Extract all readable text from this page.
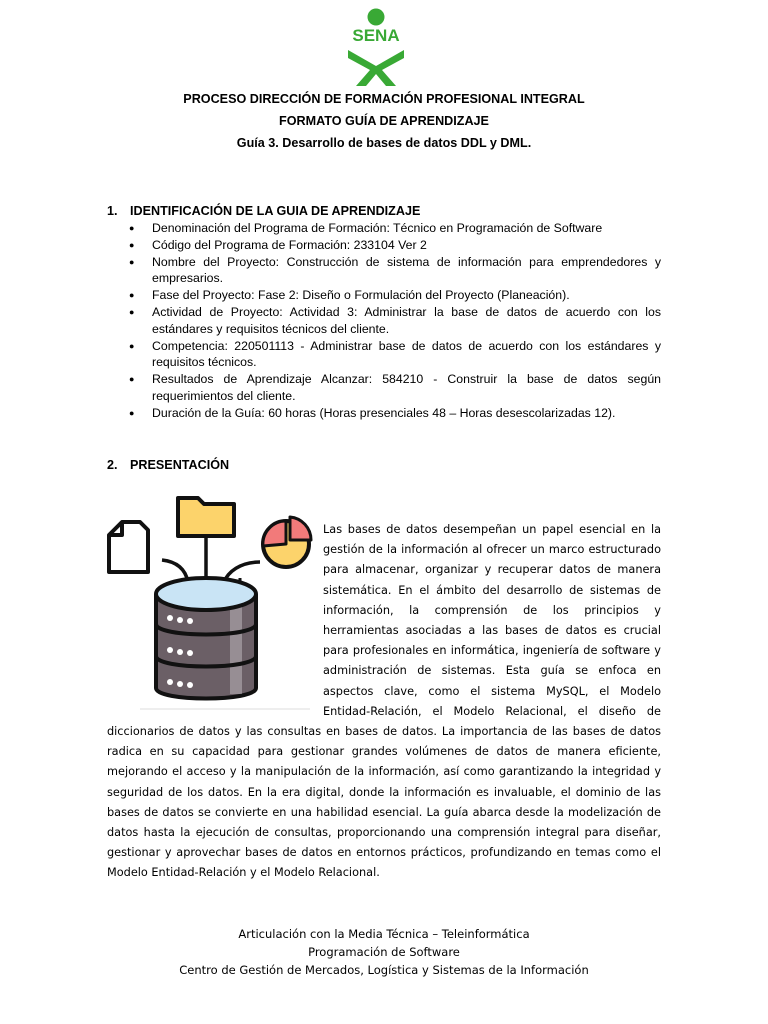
SENA
PROCESO DIRECCIÓN DE FORMACIÓN PROFESIONAL INTEGRAL
FORMATO GUÍA DE APRENDIZAJE
Guía 3. Desarrollo de bases de datos DDL y DML.
1. IDENTIFICACIÓN DE LA GUIA DE APRENDIZAJE
● Denominación del Programa de Formación: Técnico en Programación de Software
● Código del Programa de Formación: 233104 Ver 2
● Nombre del Proyecto: Construcción de sistema de información para emprendedores y empresarios.
● Fase del Proyecto: Fase 2: Diseño o Formulación del Proyecto (Planeación).
● Actividad de Proyecto: Actividad 3: Administrar la base de datos de acuerdo con los estándares y requisitos técnicos del cliente.
● Competencia: 220501113 - Administrar base de datos de acuerdo con los estándares y requisitos técnicos.
● Resultados de Aprendizaje Alcanzar: 584210 - Construir la base de datos según requerimientos del cliente.
● Duración de la Guía: 60 horas (Horas presenciales 48 – Horas desescolarizadas 12).
2. PRESENTACIÓN
Las bases de datos desempeñan un papel esencial en la gestión de la información al ofrecer un marco estructurado para almacenar, organizar y recuperar datos de manera sistemática. En el ámbito del desarrollo de sistemas de información, la comprensión de los principios y herramientas asociadas a las bases de datos es crucial para profesionales en informática, ingeniería de software y administración de sistemas. Esta guía se enfoca en aspectos clave, como el sistema MySQL, el Modelo Entidad-Relación, el Modelo Relacional, el diseño de diccionarios de datos y las consultas en bases de datos. La importancia de las bases de datos radica en su capacidad para gestionar grandes volúmenes de datos de manera eficiente, mejorando el acceso y la manipulación de la información, así como garantizando la integridad y seguridad de los datos. En la era digital, donde la información es invaluable, el dominio de las bases de datos se convierte en una habilidad esencial. La guía abarca desde la modelización de datos hasta la ejecución de consultas, proporcionando una comprensión integral para diseñar, gestionar y aprovechar bases de datos en entornos prácticos, profundizando en temas como el Modelo Entidad-Relación y el Modelo Relacional.
Articulación con la Media Técnica – Teleinformática
Programación de Software
Centro de Gestión de Mercados, Logística y Sistemas de la Información
